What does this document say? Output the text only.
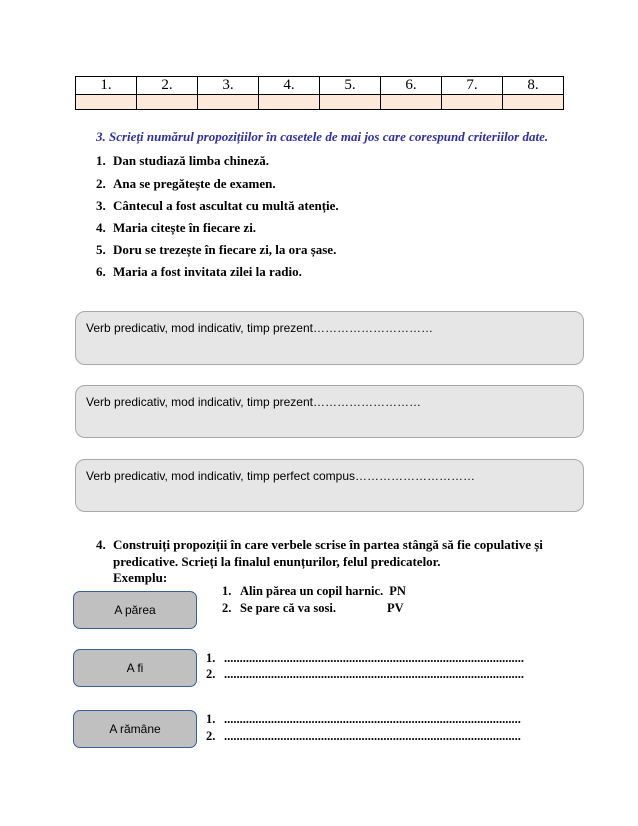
1.	2.	3.	4.	5.	6.	7.	8.

3. Scrieți numărul propozițiilor în casetele de mai jos care corespund criteriilor date.
1. Dan studiază limba chineză.
2. Ana se pregătește de examen.
3. Cântecul a fost ascultat cu multă atenție.
4. Maria citește în fiecare zi.
5. Doru se trezește în fiecare zi, la ora șase.
6. Maria a fost invitata zilei la radio.
Verb predicativ, mod indicativ, timp prezent…………………………
Verb predicativ, mod indicativ, timp prezent………………………
Verb predicativ, mod indicativ, timp perfect compus…………………………
4. Construiți propoziții în care verbele scrise în partea stângă să fie copulative și
predicative. Scrieți la finalul enunțurilor, felul predicatelor.
Exemplu:
A părea
1. Alin părea un copil harnic. PN
2. Se pare că va sosi.	PV
A fi
1. ................................................................................................
2. ................................................................................................
A rămâne
1. ...............................................................................................
2. ...............................................................................................
